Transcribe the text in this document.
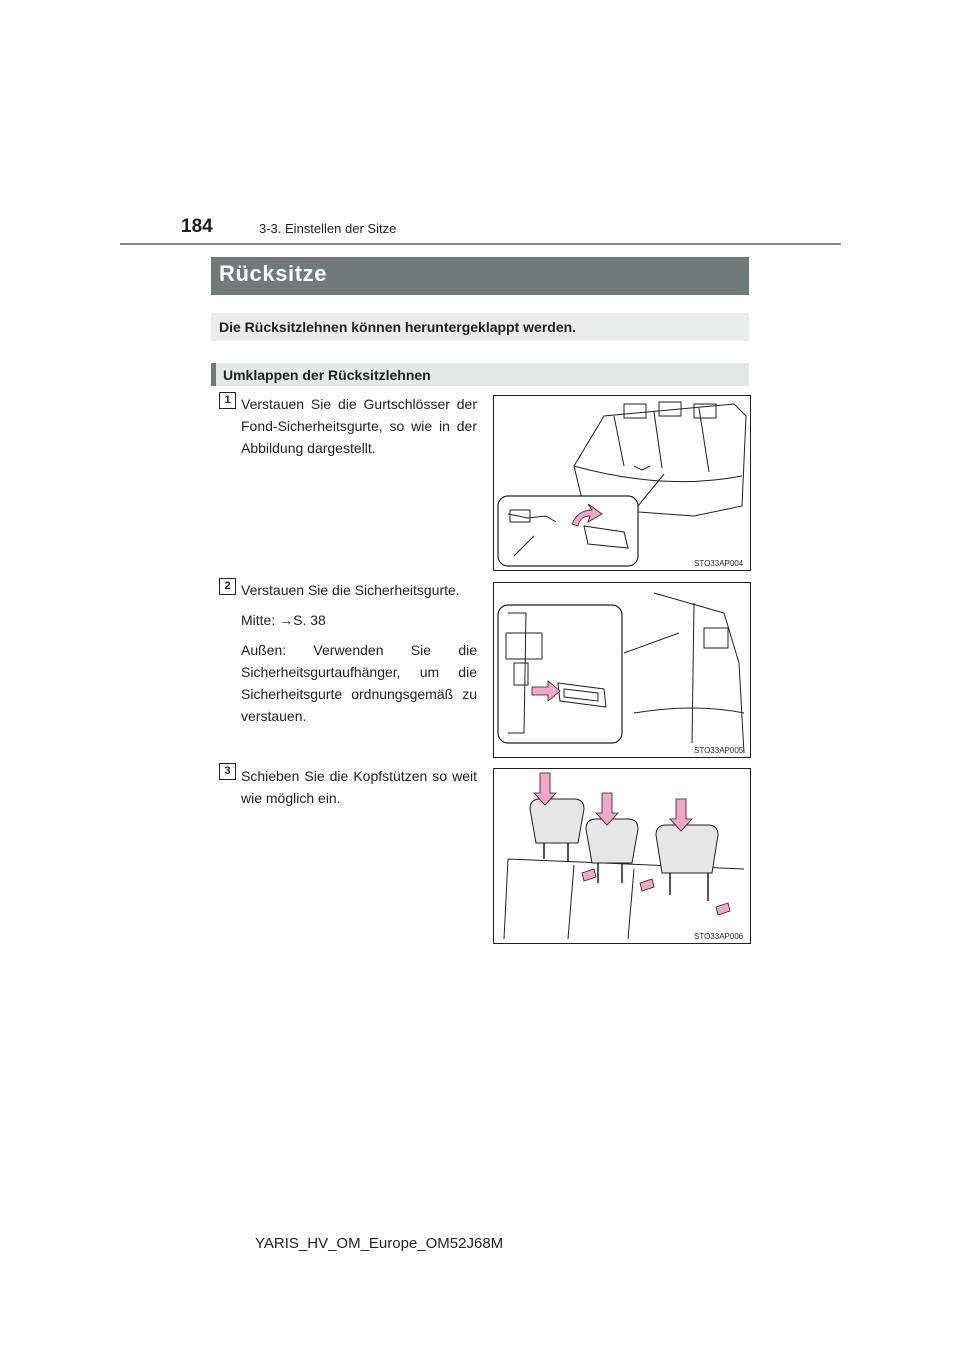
184	3-3. Einstellen der Sitze
Rücksitze
Die Rücksitzlehnen können heruntergeklappt werden.
Umklappen der Rücksitzlehnen
1 Verstauen Sie die Gurtschlösser der Fond-Sicherheitsgurte, so wie in der Abbildung dargestellt.

STO33AP004
2 Verstauen Sie die Sicherheitsgurte.

Mitte: →S. 38

Außen: Verwenden Sie die Sicherheitsgurtaufhänger, um die Sicherheitsgurte ordnungsgemäß zu verstauen.

STO33AP005
3 Schieben Sie die Kopfstützen so weit wie möglich ein.

STO33AP006
YARIS_HV_OM_Europe_OM52J68M
